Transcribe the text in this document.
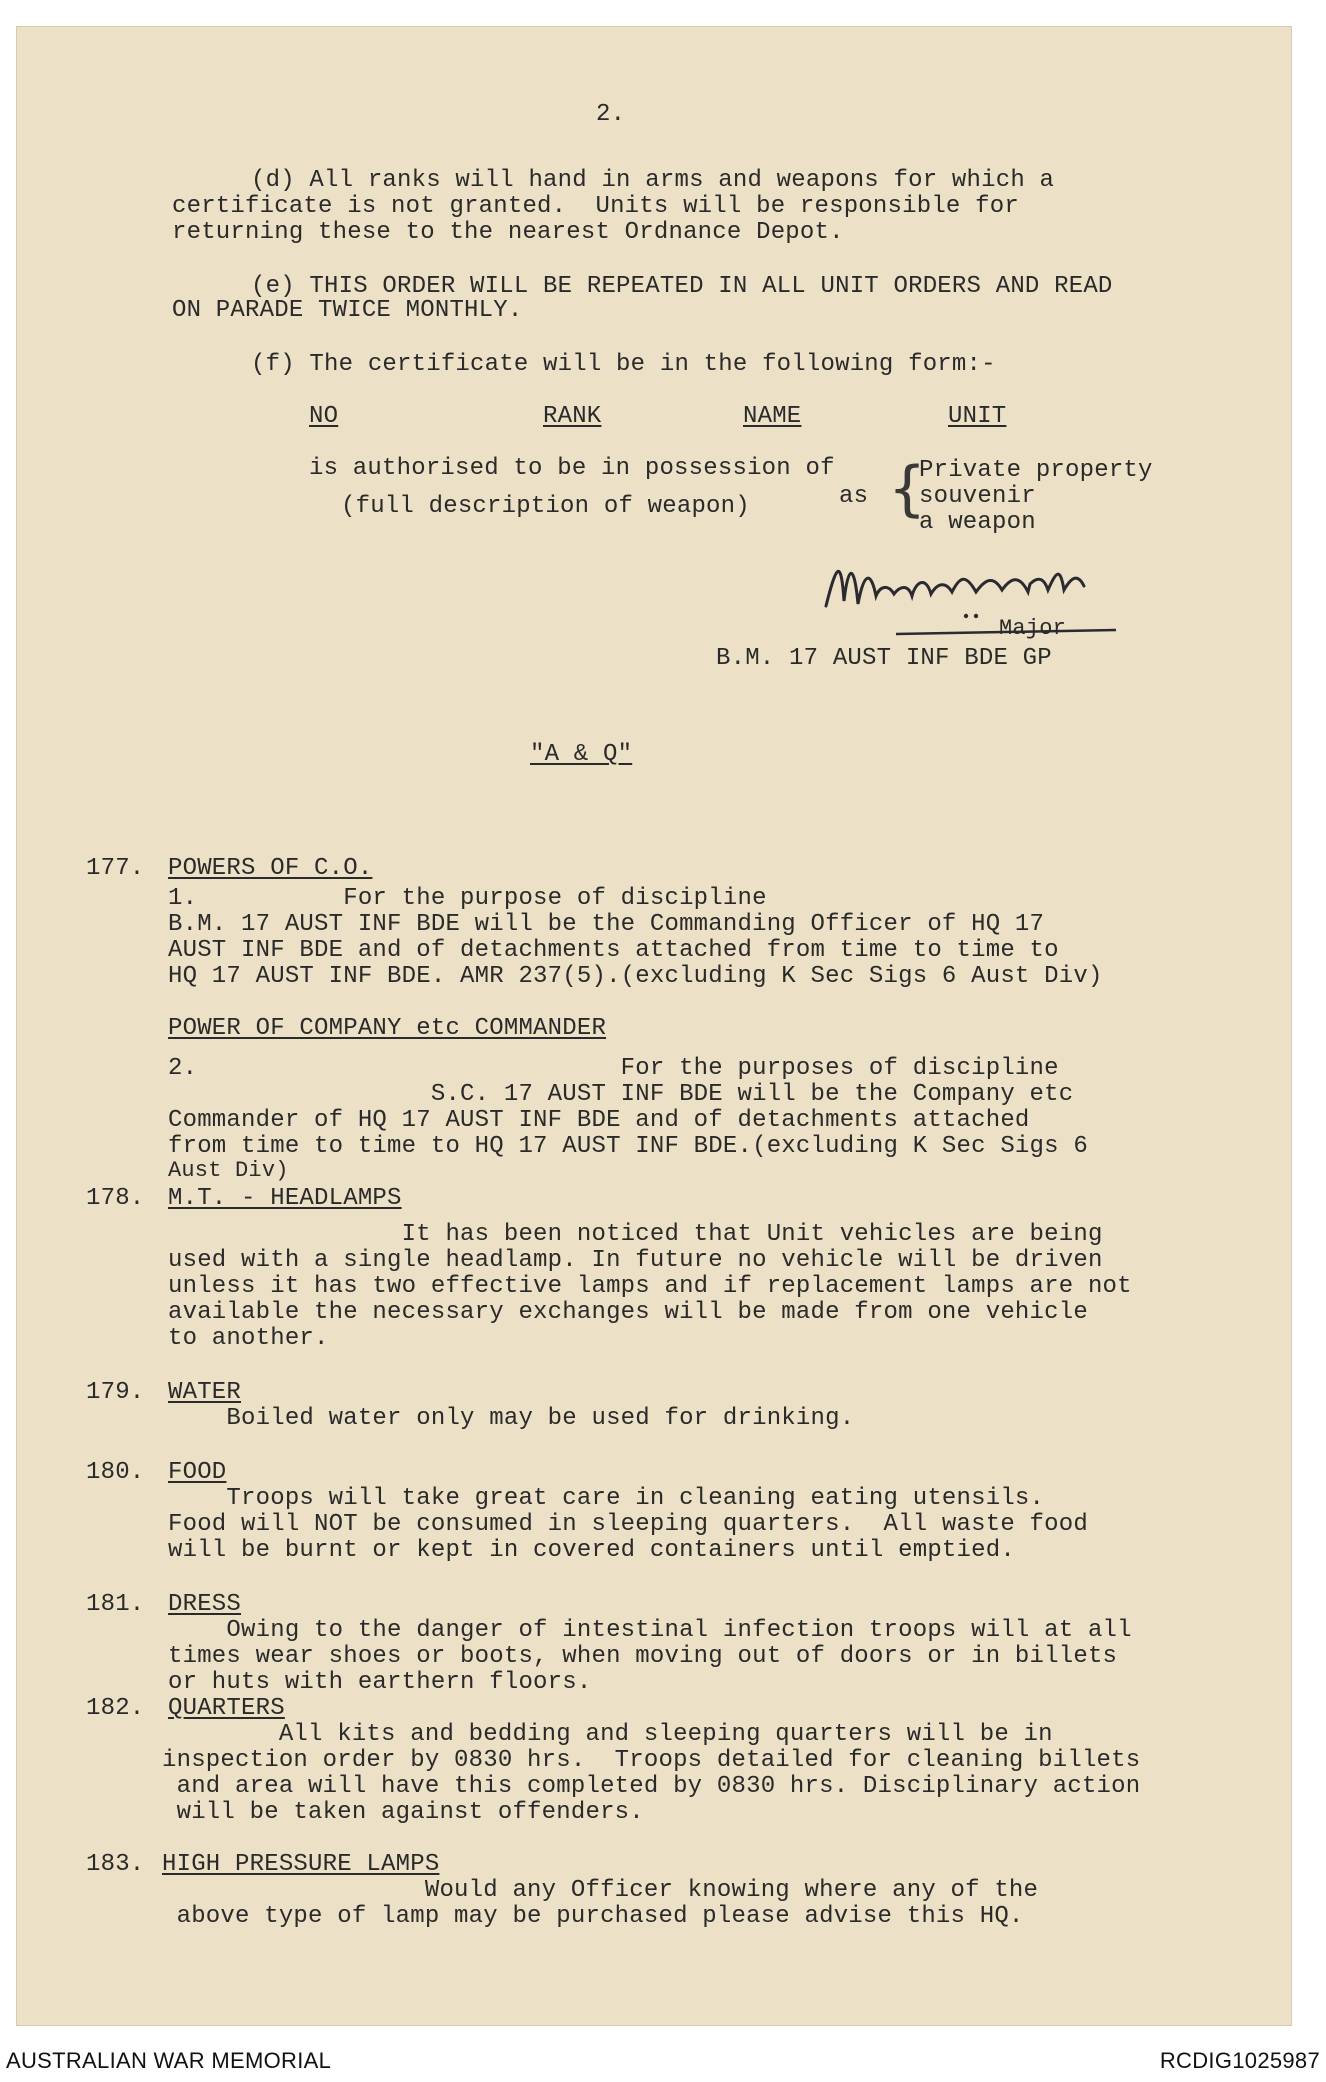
2.
(d) All ranks will hand in arms and weapons for which a
certificate is not granted.  Units will be responsible for
returning these to the nearest Ordnance Depot.
(e) THIS ORDER WILL BE REPEATED IN ALL UNIT ORDERS AND READ
ON PARADE TWICE MONTHLY.
(f) The certificate will be in the following form:-
NO	RANK	NAME	UNIT
is authorised to be in possession of
(full description of weapon)	as {
Private property
souvenir
a weapon
Major
B.M. 17 AUST INF BDE GP
"A & Q"
177. POWERS OF C.O.
1.          For the purpose of discipline
B.M. 17 AUST INF BDE will be the Commanding Officer of HQ 17
AUST INF BDE and of detachments attached from time to time to
HQ 17 AUST INF BDE. AMR 237(5).(excluding K Sec Sigs 6 Aust Div)
POWER OF COMPANY etc COMMANDER
2.                             For the purposes of discipline
S.C. 17 AUST INF BDE will be the Company etc
Commander of HQ 17 AUST INF BDE and of detachments attached
from time to time to HQ 17 AUST INF BDE.(excluding K Sec Sigs 6
Aust Div)
178. M.T. - HEADLAMPS
It has been noticed that Unit vehicles are being
used with a single headlamp. In future no vehicle will be driven
unless it has two effective lamps and if replacement lamps are not
available the necessary exchanges will be made from one vehicle
to another.
179. WATER
Boiled water only may be used for drinking.
180. FOOD
Troops will take great care in cleaning eating utensils.
Food will NOT be consumed in sleeping quarters.  All waste food
will be burnt or kept in covered containers until emptied.
181. DRESS
Owing to the danger of intestinal infection troops will at all
times wear shoes or boots, when moving out of doors or in billets
or huts with earthern floors.
182. QUARTERS
All kits and bedding and sleeping quarters will be in
inspection order by 0830 hrs.  Troops detailed for cleaning billets
and area will have this completed by 0830 hrs. Disciplinary action
will be taken against offenders.
183. HIGH PRESSURE LAMPS
Would any Officer knowing where any of the
above type of lamp may be purchased please advise this HQ.
AUSTRALIAN WAR MEMORIAL	RCDIG1025987
